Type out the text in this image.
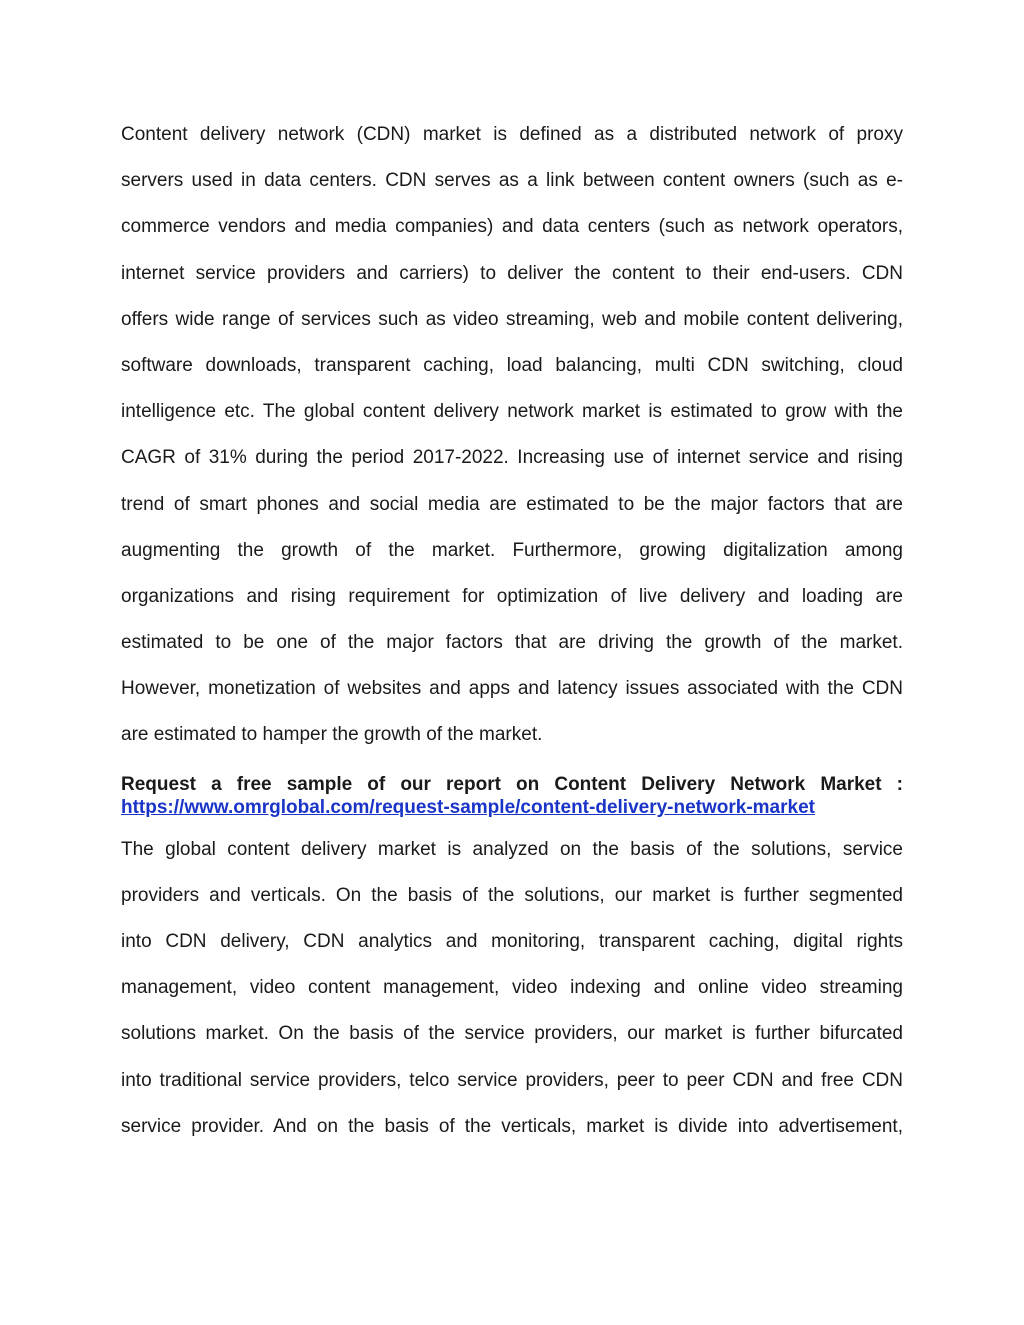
Content delivery network (CDN) market is defined as a distributed network of proxy
servers used in data centers. CDN serves as a link between content owners (such as e-
commerce vendors and media companies) and data centers (such as network operators,
internet service providers and carriers) to deliver the content to their end-users. CDN
offers wide range of services such as video streaming, web and mobile content delivering,
software downloads, transparent caching, load balancing, multi CDN switching, cloud
intelligence etc. The global content delivery network market is estimated to grow with the
CAGR of 31% during the period 2017-2022. Increasing use of internet service and rising
trend of smart phones and social media are estimated to be the major factors that are
augmenting the growth of the market. Furthermore, growing digitalization among
organizations and rising requirement for optimization of live delivery and loading are
estimated to be one of the major factors that are driving the growth of the market.
However, monetization of websites and apps and latency issues associated with the CDN
are estimated to hamper the growth of the market.
Request a free sample of our report on Content Delivery Network Market :
https://www.omrglobal.com/request-sample/content-delivery-network-market
The global content delivery market is analyzed on the basis of the solutions, service
providers and verticals. On the basis of the solutions, our market is further segmented
into CDN delivery, CDN analytics and monitoring, transparent caching, digital rights
management, video content management, video indexing and online video streaming
solutions market. On the basis of the service providers, our market is further bifurcated
into traditional service providers, telco service providers, peer to peer CDN and free CDN
service provider. And on the basis of the verticals, market is divide into advertisement,
